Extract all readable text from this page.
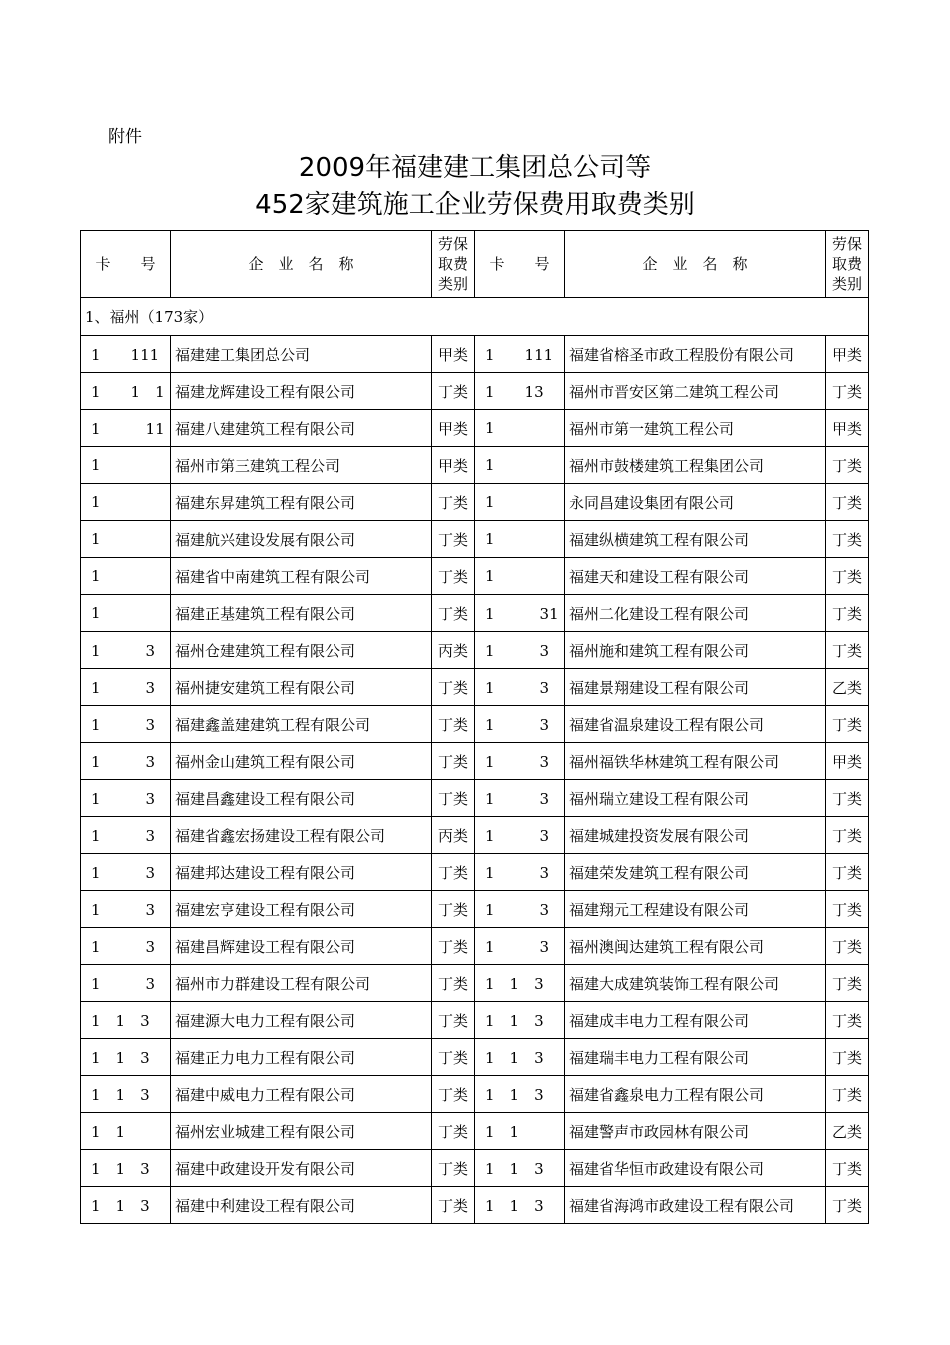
附件
2009年福建建工集团总公司等
452家建筑施工企业劳保费用取费类别
卡　　号	企　业　名　称	劳保取费类别	卡　　号	企　业　名　称	劳保取费类别
1、福州（173家）					
1　　111	福建建工集团总公司	甲类	1　　111	福建省榕圣市政工程股份有限公司	甲类
1　　1　1	福建龙辉建设工程有限公司	丁类	1　　13	福州市晋安区第二建筑工程公司	丁类
1　　　11	福建八建建筑工程有限公司	甲类	1	福州市第一建筑工程公司	甲类
1	福州市第三建筑工程公司	甲类	1	福州市鼓楼建筑工程集团公司	丁类
1	福建东昇建筑工程有限公司	丁类	1	永同昌建设集团有限公司	丁类
1	福建航兴建设发展有限公司	丁类	1	福建纵横建筑工程有限公司	丁类
1	福建省中南建筑工程有限公司	丁类	1	福建天和建设工程有限公司	丁类
1	福建正基建筑工程有限公司	丁类	1　　　31	福州二化建设工程有限公司	丁类
1　　　3	福州仓建建筑工程有限公司	丙类	1　　　3	福州施和建筑工程有限公司	丁类
1　　　3	福州捷安建筑工程有限公司	丁类	1　　　3	福建景翔建设工程有限公司	乙类
1　　　3	福建鑫盖建建筑工程有限公司	丁类	1　　　3	福建省温泉建设工程有限公司	丁类
1　　　3	福州金山建筑工程有限公司	丁类	1　　　3	福州福铁华林建筑工程有限公司	甲类
1　　　3	福建昌鑫建设工程有限公司	丁类	1　　　3	福州瑞立建设工程有限公司	丁类
1　　　3	福建省鑫宏扬建设工程有限公司	丙类	1　　　3	福建城建投资发展有限公司	丁类
1　　　3	福建邦达建设工程有限公司	丁类	1　　　3	福建荣发建筑工程有限公司	丁类
1　　　3	福建宏亨建设工程有限公司	丁类	1　　　3	福建翔元工程建设有限公司	丁类
1　　　3	福建昌辉建设工程有限公司	丁类	1　　　3	福州澳闽达建筑工程有限公司	丁类
1　　　3	福州市力群建设工程有限公司	丁类	1　1　3	福建大成建筑装饰工程有限公司	丁类
1　1　3	福建源大电力工程有限公司	丁类	1　1　3	福建成丰电力工程有限公司	丁类
1　1　3	福建正力电力工程有限公司	丁类	1　1　3	福建瑞丰电力工程有限公司	丁类
1　1　3	福建中威电力工程有限公司	丁类	1　1　3	福建省鑫泉电力工程有限公司	丁类
1　1	福州宏业城建工程有限公司	丁类	1　1	福建警声市政园林有限公司	乙类
1　1　3	福建中政建设开发有限公司	丁类	1　1　3	福建省华恒市政建设有限公司	丁类
1　1　3	福建中利建设工程有限公司	丁类	1　1　3	福建省海鸿市政建设工程有限公司	丁类
